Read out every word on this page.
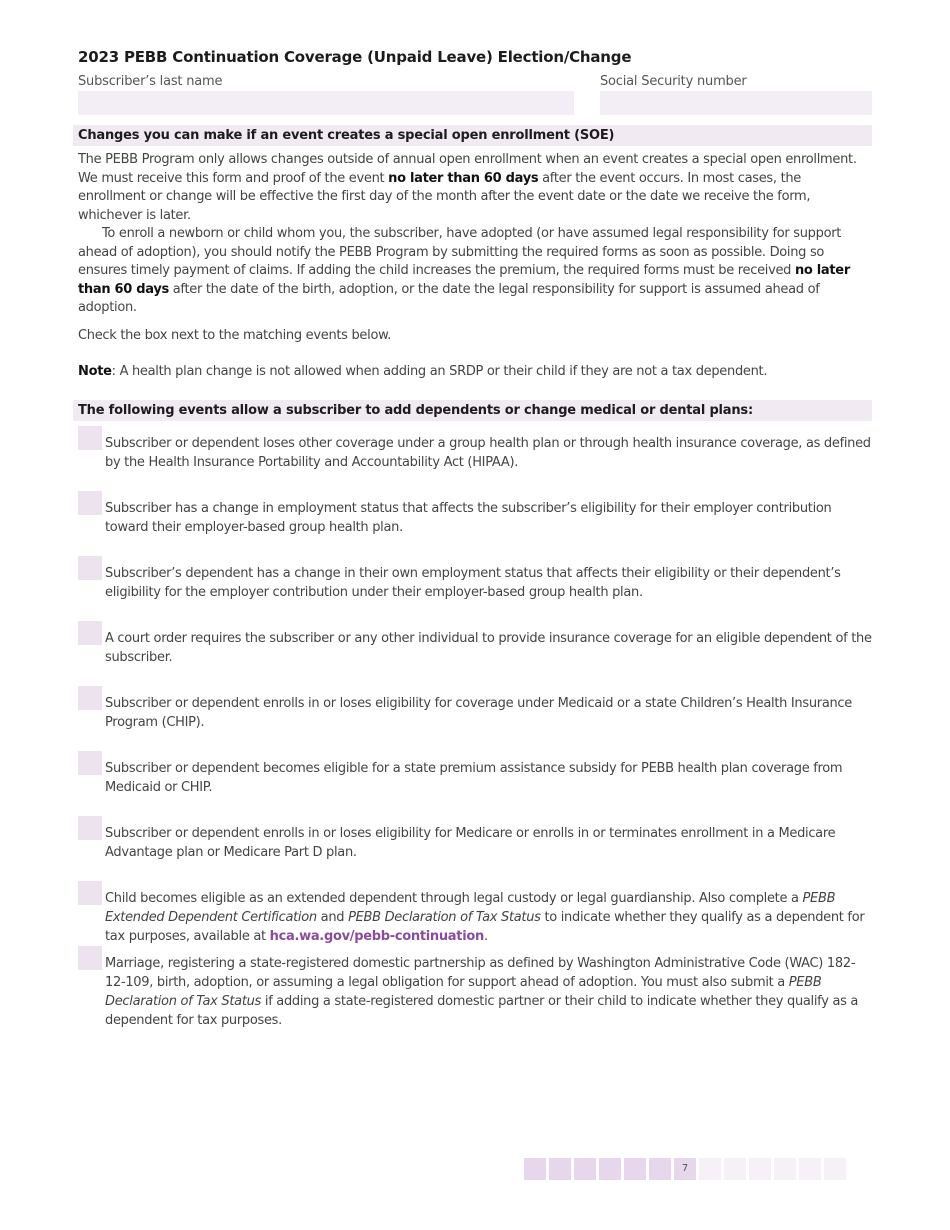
2023 PEBB Continuation Coverage (Unpaid Leave) Election/Change
Subscriber’s last name	Social Security number
Changes you can make if an event creates a special open enrollment (SOE)

The PEBB Program only allows changes outside of annual open enrollment when an event creates a special open enrollment. We must receive this form and proof of the event no later than 60 days after the event occurs. In most cases, the enrollment or change will be effective the first day of the month after the event date or the date we receive the form, whichever is later.

To enroll a newborn or child whom you, the subscriber, have adopted (or have assumed legal responsibility for support ahead of adoption), you should notify the PEBB Program by submitting the required forms as soon as possible. Doing so ensures timely payment of claims. If adding the child increases the premium, the required forms must be received no later than 60 days after the date of the birth, adoption, or the date the legal responsibility for support is assumed ahead of adoption.

Check the box next to the matching events below.

Note: A health plan change is not allowed when adding an SRDP or their child if they are not a tax dependent.

The following events allow a subscriber to add dependents or change medical or dental plans:
Subscriber or dependent loses other coverage under a group health plan or through health insurance coverage, as defined by the Health Insurance Portability and Accountability Act (HIPAA).
Subscriber has a change in employment status that affects the subscriber’s eligibility for their employer contribution toward their employer-based group health plan.
Subscriber’s dependent has a change in their own employment status that affects their eligibility or their dependent’s eligibility for the employer contribution under their employer-based group health plan.
A court order requires the subscriber or any other individual to provide insurance coverage for an eligible dependent of the subscriber.
Subscriber or dependent enrolls in or loses eligibility for coverage under Medicaid or a state Children’s Health Insurance Program (CHIP).
Subscriber or dependent becomes eligible for a state premium assistance subsidy for PEBB health plan coverage from Medicaid or CHIP.
Subscriber or dependent enrolls in or loses eligibility for Medicare or enrolls in or terminates enrollment in a Medicare Advantage plan or Medicare Part D plan.
Child becomes eligible as an extended dependent through legal custody or legal guardianship. Also complete a PEBB Extended Dependent Certification and PEBB Declaration of Tax Status to indicate whether they qualify as a dependent for tax purposes, available at hca.wa.gov/pebb-continuation.
Marriage, registering a state-registered domestic partnership as defined by Washington Administrative Code (WAC) 182-12-109, birth, adoption, or assuming a legal obligation for support ahead of adoption. You must also submit a PEBB Declaration of Tax Status if adding a state-registered domestic partner or their child to indicate whether they qualify as a dependent for tax purposes.
7
